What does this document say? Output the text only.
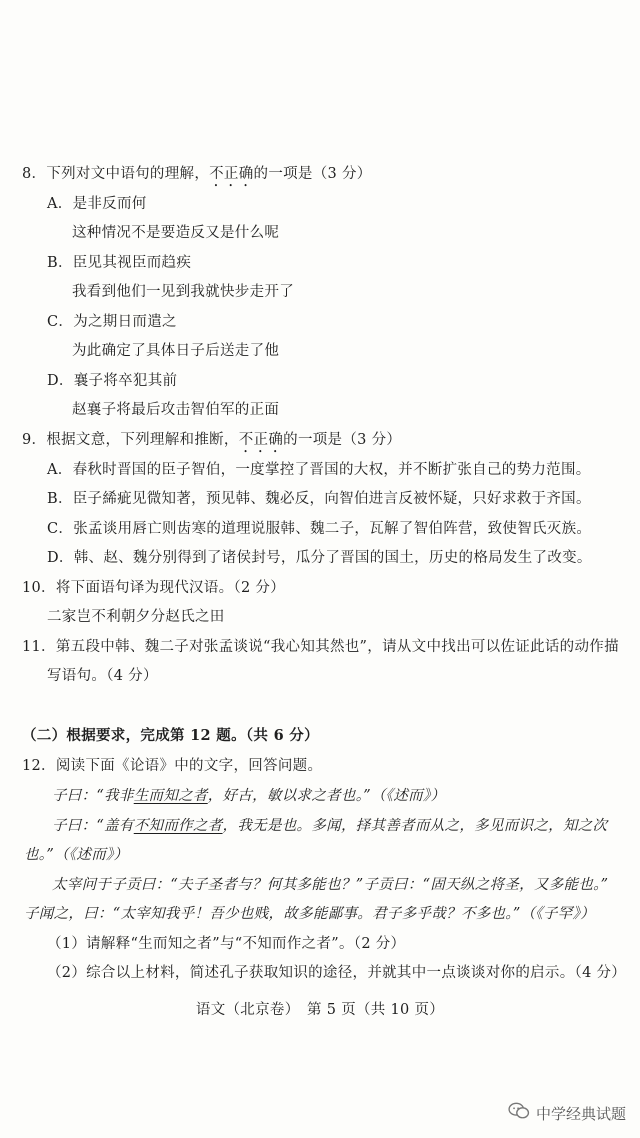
8．下列对文中语句的理解，不正确的一项是（3 分）
A．是非反而何
这种情况不是要造反又是什么呢
B．臣见其视臣而趋疾
我看到他们一见到我就快步走开了
C．为之期日而遣之
为此确定了具体日子后送走了他
D．襄子将卒犯其前
赵襄子将最后攻击智伯军的正面
9．根据文意，下列理解和推断，不正确的一项是（3 分）
A．春秋时晋国的臣子智伯，一度掌控了晋国的大权，并不断扩张自己的势力范围。
B．臣子絺疵见微知著，预见韩、魏必反，向智伯进言反被怀疑，只好求救于齐国。
C．张孟谈用唇亡则齿寒的道理说服韩、魏二子，瓦解了智伯阵营，致使智氏灭族。
D．韩、赵、魏分别得到了诸侯封号，瓜分了晋国的国土，历史的格局发生了改变。
10．将下面语句译为现代汉语。（2 分）
二家岂不利朝夕分赵氏之田
11．第五段中韩、魏二子对张孟谈说“我心知其然也”，请从文中找出可以佐证此话的动作描
写语句。（4 分）
（二）根据要求，完成第 12 题。（共 6 分）
12．阅读下面《论语》中的文字，回答问题。
子曰：“我非生而知之者，好古，敏以求之者也。”（《述而》）
子曰：“盖有不知而作之者，我无是也。多闻，择其善者而从之，多见而识之，知之次
也。”（《述而》）
太宰问于子贡曰：“夫子圣者与？何其多能也？”子贡曰：“固天纵之将圣，又多能也。”
子闻之，曰：“太宰知我乎！吾少也贱，故多能鄙事。君子多乎哉？不多也。”（《子罕》）
（1）请解释“生而知之者”与“不知而作之者”。（2 分）
（2）综合以上材料，简述孔子获取知识的途径，并就其中一点谈谈对你的启示。（4 分）
语文（北京卷）　第 5 页（共 10 页）
中学经典试题
